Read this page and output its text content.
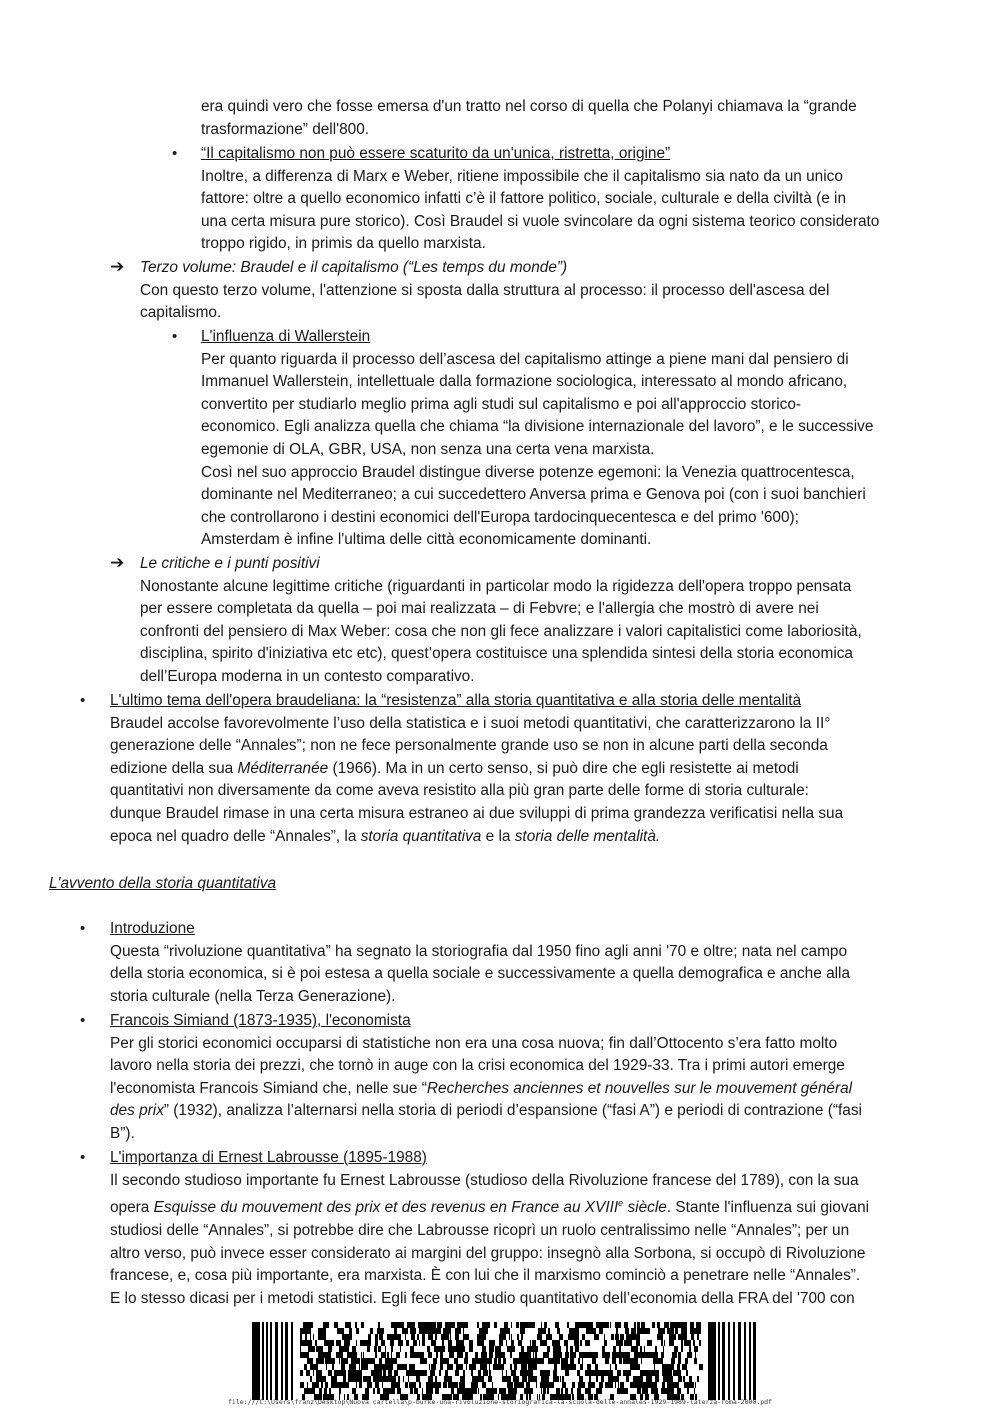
era quindi vero che fosse emersa d'un tratto nel corso di quella che Polanyi chiamava la “grande
trasformazione” dell'800.
• “Il capitalismo non può essere scaturito da un'unica, ristretta, origine”
Inoltre, a differenza di Marx e Weber, ritiene impossibile che il capitalismo sia nato da un unico
fattore: oltre a quello economico infatti c’è il fattore politico, sociale, culturale e della civiltà (e in
una certa misura pure storico). Così Braudel si vuole svincolare da ogni sistema teorico considerato
troppo rigido, in primis da quello marxista.
➔ Terzo volume: Braudel e il capitalismo (“Les temps du monde”)
Con questo terzo volume, l'attenzione si sposta dalla struttura al processo: il processo dell'ascesa del
capitalismo.
• L'influenza di Wallerstein
Per quanto riguarda il processo dell’ascesa del capitalismo attinge a piene mani dal pensiero di
Immanuel Wallerstein, intellettuale dalla formazione sociologica, interessato al mondo africano,
convertito per studiarlo meglio prima agli studi sul capitalismo e poi all'approccio storico-
economico. Egli analizza quella che chiama “la divisione internazionale del lavoro”, e le successive
egemonie di OLA, GBR, USA, non senza una certa vena marxista.
Così nel suo approccio Braudel distingue diverse potenze egemoni: la Venezia quattrocentesca,
dominante nel Mediterraneo; a cui succedettero Anversa prima e Genova poi (con i suoi banchieri
che controllarono i destini economici dell'Europa tardocinquecentesca e del primo '600);
Amsterdam è infine l'ultima delle città economicamente dominanti.
➔ Le critiche e i punti positivi
Nonostante alcune legittime critiche (riguardanti in particolar modo la rigidezza dell'opera troppo pensata
per essere completata da quella – poi mai realizzata – di Febvre; e l'allergia che mostrò di avere nei
confronti del pensiero di Max Weber: cosa che non gli fece analizzare i valori capitalistici come laboriosità,
disciplina, spirito d'iniziativa etc etc), quest’opera costituisce una splendida sintesi della storia economica
dell’Europa moderna in un contesto comparativo.
• L'ultimo tema dell'opera braudeliana: la “resistenza” alla storia quantitativa e alla storia delle mentalità
Braudel accolse favorevolmente l’uso della statistica e i suoi metodi quantitativi, che caratterizzarono la II°
generazione delle “Annales”; non ne fece personalmente grande uso se non in alcune parti della seconda
edizione della sua Méditerranée (1966). Ma in un certo senso, si può dire che egli resistette ai metodi
quantitativi non diversamente da come aveva resistito alla più gran parte delle forme di storia culturale:
dunque Braudel rimase in una certa misura estraneo ai due sviluppi di prima grandezza verificatisi nella sua
epoca nel quadro delle “Annales”, la storia quantitativa e la storia delle mentalità.
L'avvento della storia quantitativa
• Introduzione
Questa “rivoluzione quantitativa” ha segnato la storiografia dal 1950 fino agli anni '70 e oltre; nata nel campo
della storia economica, si è poi estesa a quella sociale e successivamente a quella demografica e anche alla
storia culturale (nella Terza Generazione).
• Francois Simiand (1873-1935), l'economista
Per gli storici economici occuparsi di statistiche non era una cosa nuova; fin dall’Ottocento s’era fatto molto
lavoro nella storia dei prezzi, che tornò in auge con la crisi economica del 1929-33. Tra i primi autori emerge
l'economista Francois Simiand che, nelle sue “Recherches anciennes et nouvelles sur le mouvement général
des prix” (1932), analizza l’alternarsi nella storia di periodi d’espansione (“fasi A”) e periodi di contrazione (“fasi
B”).
• L'importanza di Ernest Labrousse (1895-1988)
Il secondo studioso importante fu Ernest Labrousse (studioso della Rivoluzione francese del 1789), con la sua
opera Esquisse du mouvement des prix et des revenus en France au XVIIIe siècle. Stante l'influenza sui giovani
studiosi delle “Annales”, si potrebbe dire che Labrousse ricoprì un ruolo centralissimo nelle “Annales”; per un
altro verso, può invece esser considerato ai margini del gruppo: insegnò alla Sorbona, si occupò di Rivoluzione
francese, e, cosa più importante, era marxista. È con lui che il marxismo cominciò a penetrare nelle “Annales”.
E lo stesso dicasi per i metodi statistici. Egli fece uno studio quantitativo dell’economia della FRA del '700 con
file:///C:\Users\franz\Desktop\Nuova cartella\p-burke-una-rivoluzione-storiografica-la-scuola-delle-annales-1929-1989-laterza-roma-2000.pdf
